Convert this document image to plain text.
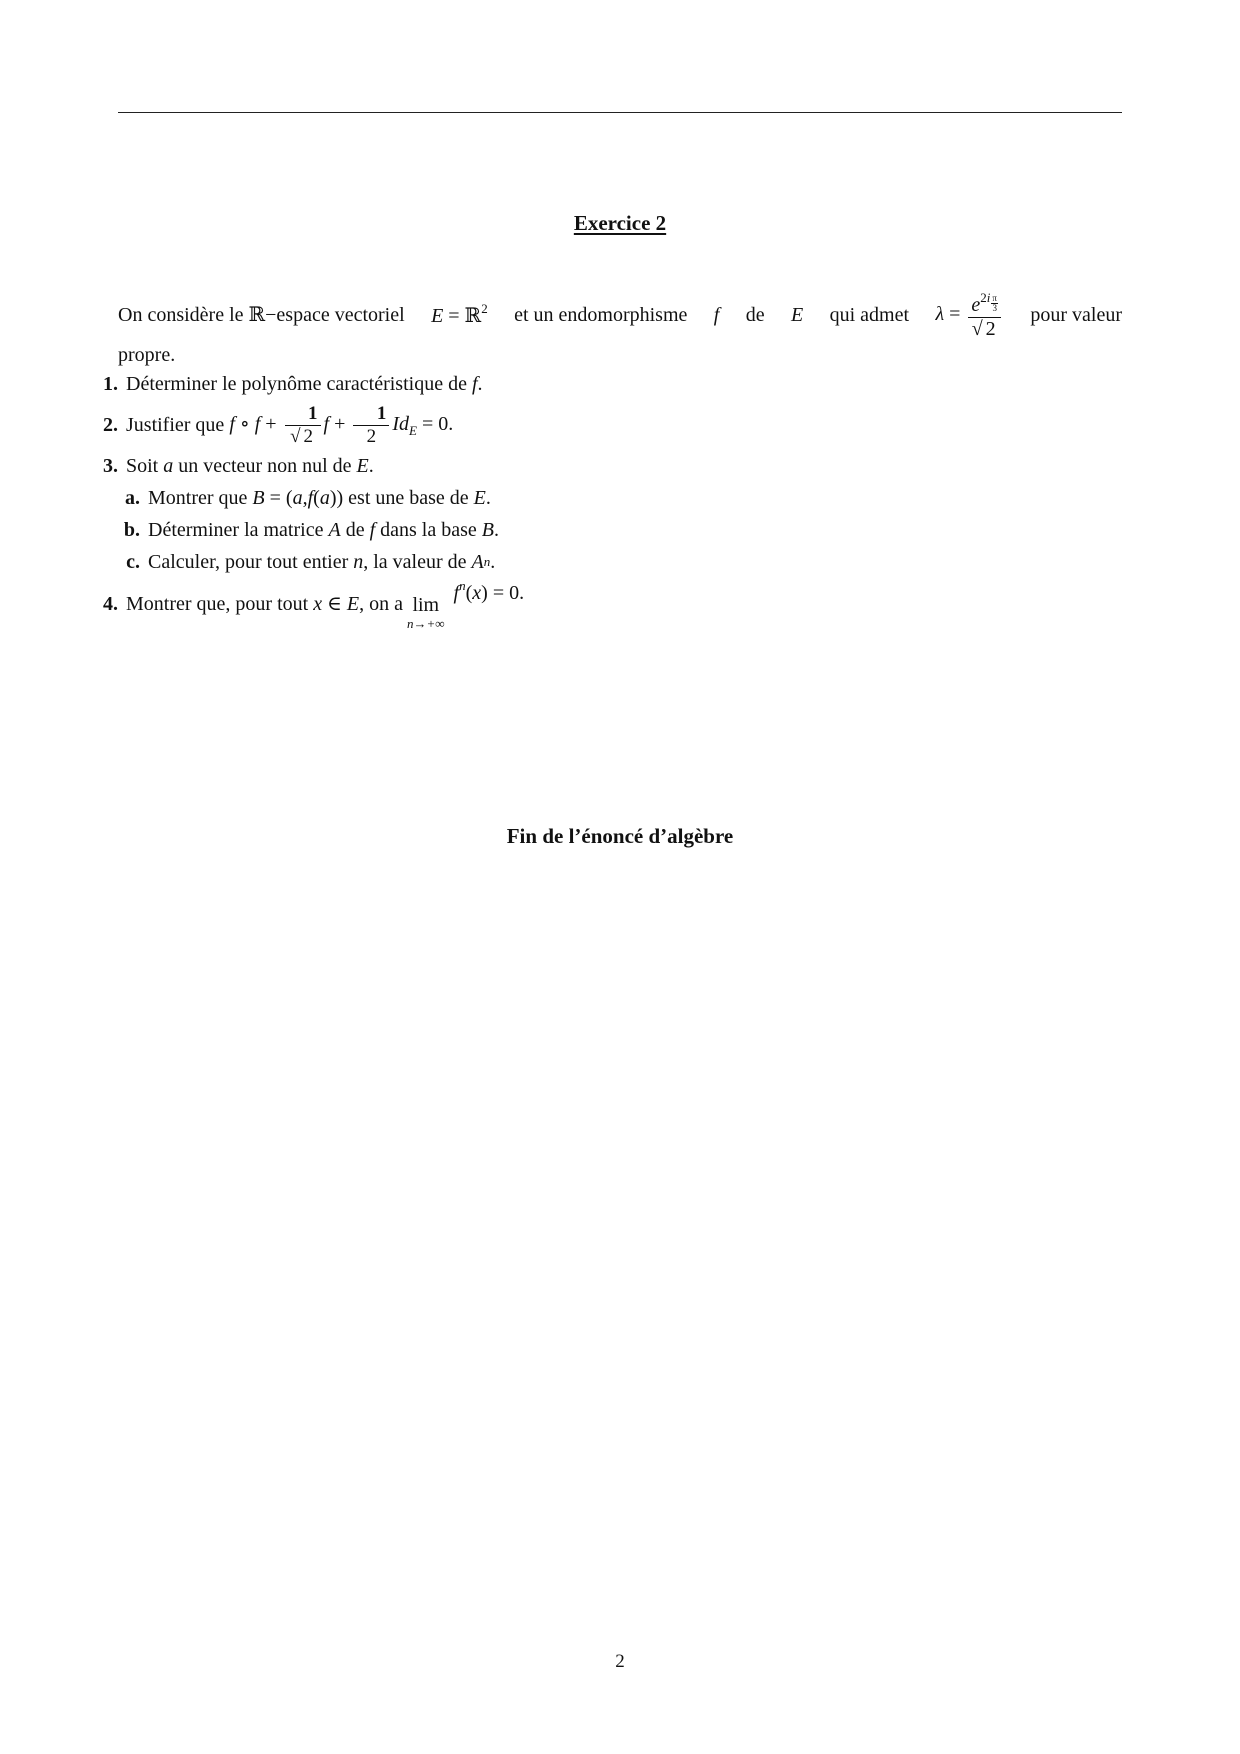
Exercice 2
On considère le ℝ−espace vectoriel E = ℝ$^2$ et un endomorphisme f de E qui admet $\lambda = \frac{e^{2i} \frac{\pi}{3}}{√ 2}$ pour valeur
propre.
1. Déterminer le polynôme caractéristique de
f .
2. Justifier que
f ∘ $f + \frac{1}{√ 2}$ $f + \frac{1}{2} Id_E = 0$.
3. Soit
a
un vecteur non nul de
E .
a. Montrer que
B = ( a , f ( a )) est une base de
E .
b. Déterminer la matrice
A
de
f
dans la base
B .
c. Calculer, pour tout entier
n , la valeur de
A n .
4. Montrer que, pour tout
x ∈ E , on a lim
n→+∞
$f^n(x) = 0$.
Fin de l’énoncé d’algèbre
2
